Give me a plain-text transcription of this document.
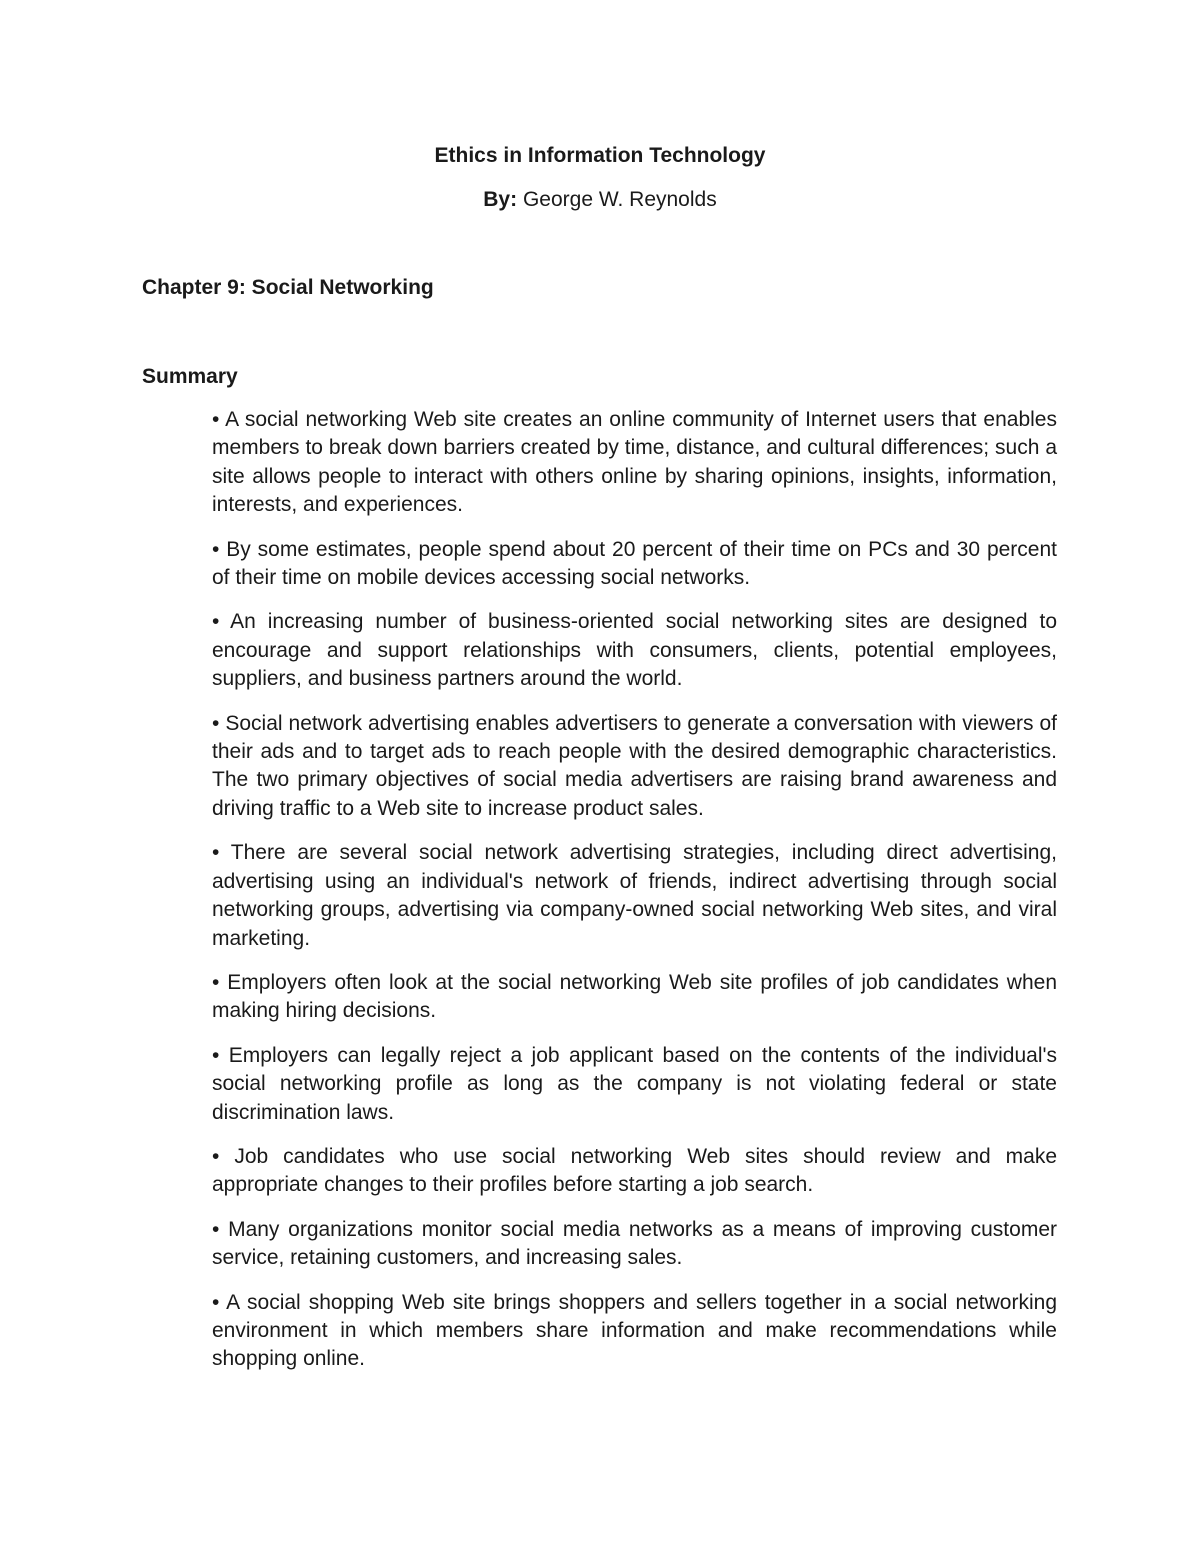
Ethics in Information Technology
By: George W. Reynolds
Chapter 9: Social Networking
Summary
• A social networking Web site creates an online community of Internet users that enables members to break down barriers created by time, distance, and cultural differences; such a site allows people to interact with others online by sharing opinions, insights, information, interests, and experiences.
• By some estimates, people spend about 20 percent of their time on PCs and 30 percent of their time on mobile devices accessing social networks.
• An increasing number of business-oriented social networking sites are designed to encourage and support relationships with consumers, clients, potential employees, suppliers, and business partners around the world.
• Social network advertising enables advertisers to generate a conversation with viewers of their ads and to target ads to reach people with the desired demographic characteristics. The two primary objectives of social media advertisers are raising brand awareness and driving traffic to a Web site to increase product sales.
• There are several social network advertising strategies, including direct advertising, advertising using an individual's network of friends, indirect advertising through social networking groups, advertising via company-owned social networking Web sites, and viral marketing.
• Employers often look at the social networking Web site profiles of job candidates when making hiring decisions.
• Employers can legally reject a job applicant based on the contents of the individual's social networking profile as long as the company is not violating federal or state discrimination laws.
• Job candidates who use social networking Web sites should review and make appropriate changes to their profiles before starting a job search.
• Many organizations monitor social media networks as a means of improving customer service, retaining customers, and increasing sales.
• A social shopping Web site brings shoppers and sellers together in a social networking environment in which members share information and make recommendations while shopping online.
